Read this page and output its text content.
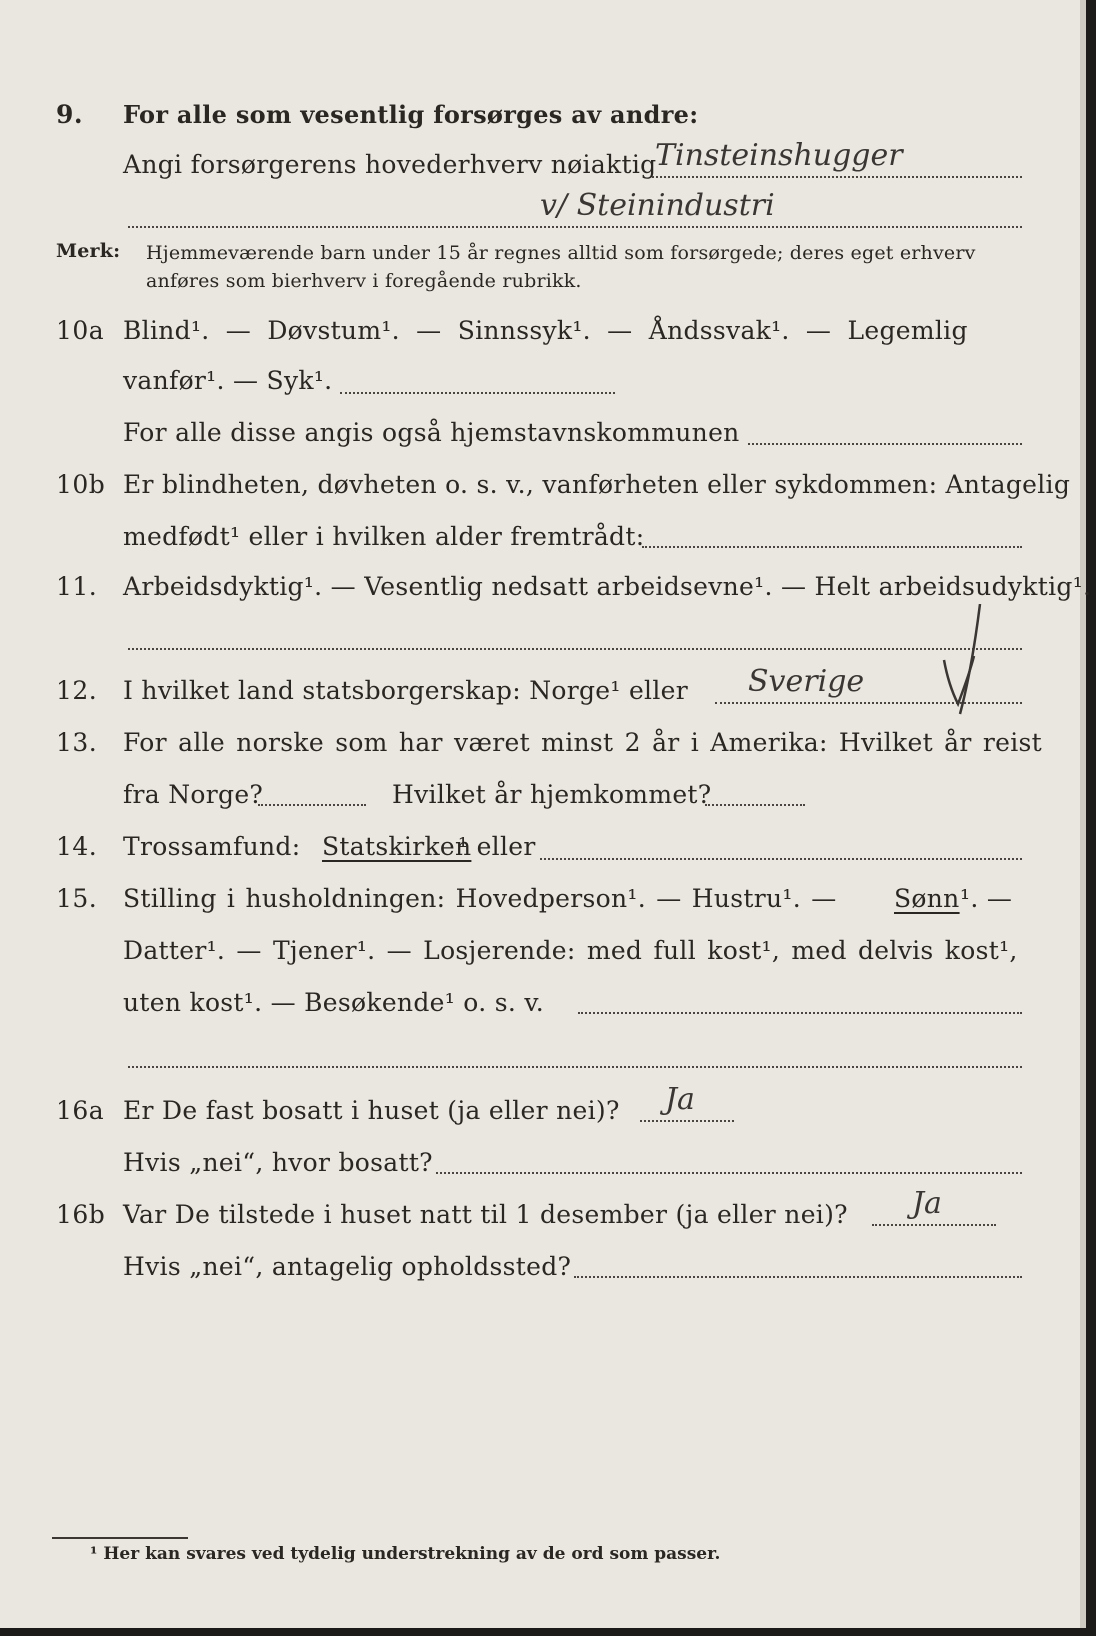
9. For alle som vesentlig forsørges av andre:
Angi forsørgerens hovederhverv nøiaktig
Tinsteinshugger
v/ Steinindustri
Merk: Hjemmeværende barn under 15 år regnes alltid som forsørgede; deres eget erhverv
anføres som bierhverv i foregående rubrikk.
10a Blind¹. — Døvstum¹. — Sinnssyk¹. — Åndssvak¹. — Legemlig
vanfør¹. — Syk¹.
For alle disse angis også hjemstavnskommunen
10b Er blindheten, døvheten o. s. v., vanførheten eller sykdommen: Antagelig
medfødt¹ eller i hvilken alder fremtrådt:
11. Arbeidsdyktig¹. — Vesentlig nedsatt arbeidsevne¹. — Helt arbeidsudyktig¹.
12. I hvilket land statsborgerskap: Norge¹ eller Sverige
13. For alle norske som har været minst 2 år i Amerika: Hvilket år reist
fra Norge?	Hvilket år hjemkommet?
14. Trossamfund: Statskirken
¹ eller
15. Stilling i husholdningen: Hovedperson¹. — Hustru¹. — Sønn ¹. —
Datter¹. — Tjener¹. — Losjerende: med full kost¹, med delvis kost¹,
uten kost¹. — Besøkende¹ o. s. v.
16a Er De fast bosatt i huset (ja eller nei)? Ja
Hvis „nei“, hvor bosatt?
16b Var De tilstede i huset natt til 1 desember (ja eller nei)? Ja
Hvis „nei“, antagelig opholdssted?
¹ Her kan svares ved tydelig understrekning av de ord som passer.
